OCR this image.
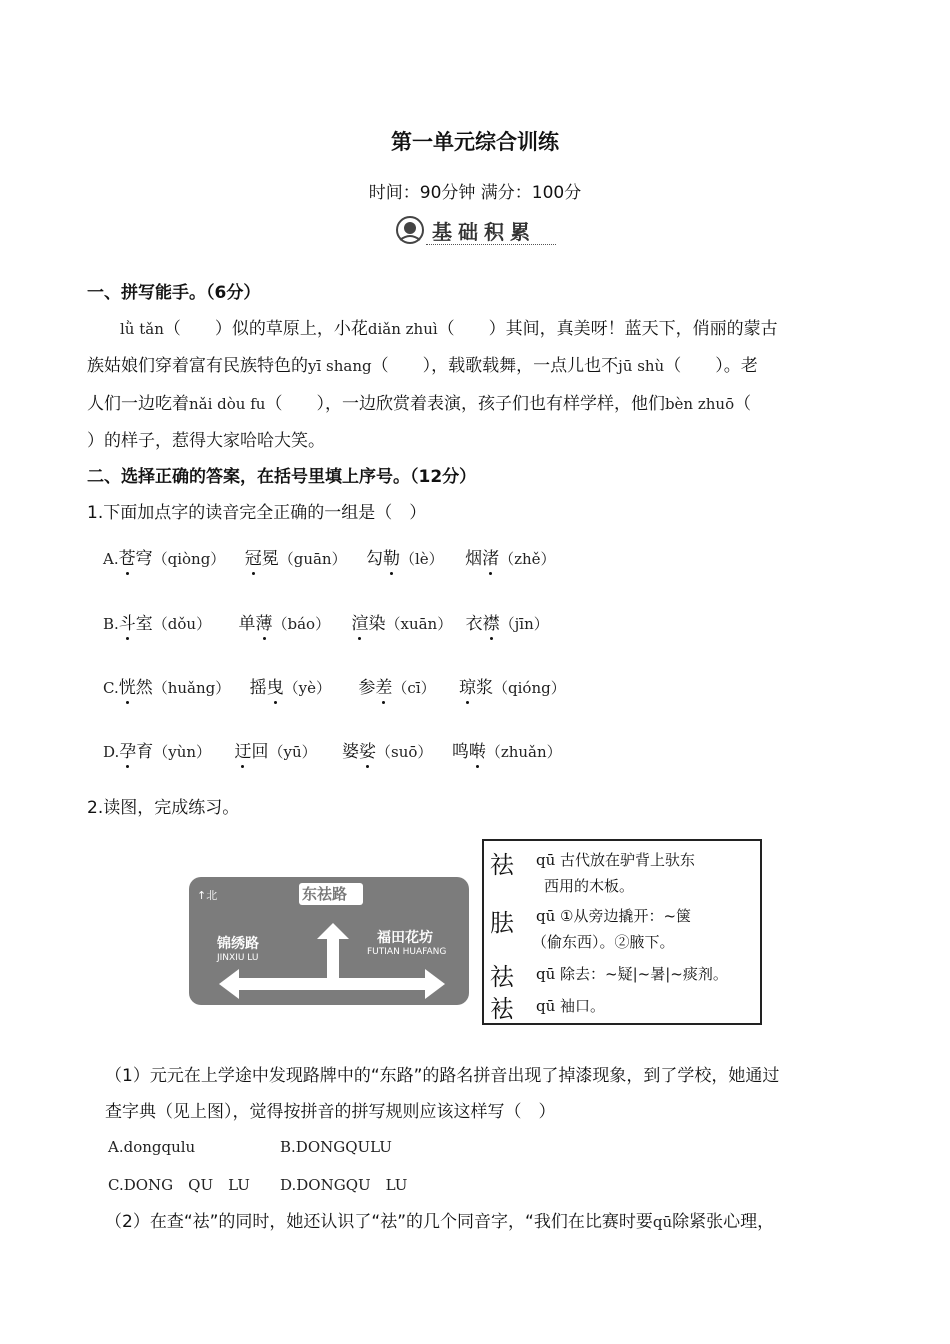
第一单元综合训练
时间：90分钟 满分：100分
基础积累
一、拼写能手。（6分）
lǜ tǎn（　　）似的草原上，小花diǎn zhuì（　　）其间，真美呀！蓝天下，俏丽的蒙古
族姑娘们穿着富有民族特色的yī shang（　　），载歌载舞，一点儿也不jū shù（　　）。老
人们一边吃着nǎi dòu fu（　　），一边欣赏着表演，孩子们也有样学样，他们bèn zhuō（
）的样子，惹得大家哈哈大笑。
二、选择正确的答案，在括号里填上序号。（12分）
1.下面加点字的读音完全正确的一组是（　）
A.苍穹（qiòng） 冠冕（guān） 勾勒（lè） 烟渚（zhě）
B.斗室（dǒu） 单薄（báo） 渲染（xuān） 衣襟（jīn）
C.恍然（huǎng） 摇曳（yè） 参差（cī） 琼浆（qióng）
D.孕育（yùn） 迂回（yū） 婆娑（suō） 鸣啭（zhuǎn）
2.读图，完成练习。
↑北	东祛路
锦绣路
JINXIU LU
福田花坊
FUTIAN HUAFANG
祛 qū 古代放在驴背上驮东
西用的木板。
胠 qū ①从旁边撬开：~箧
（偷东西）。②腋下。
祛 qū 除去：~疑|~暑|~痰剂。
袪 qū 袖口。
（1）元元在上学途中发现路牌中的“东路”的路名拼音出现了掉漆现象，到了学校，她通过
查字典（见上图），觉得按拼音的拼写规则应该这样写（　）
A.dongqulu	B.DONGQULU
C.DONG　QU　LU D.DONGQU　LU
（2）在查“祛”的同时，她还认识了“祛”的几个同音字，“我们在比赛时要qū除紧张心理，
